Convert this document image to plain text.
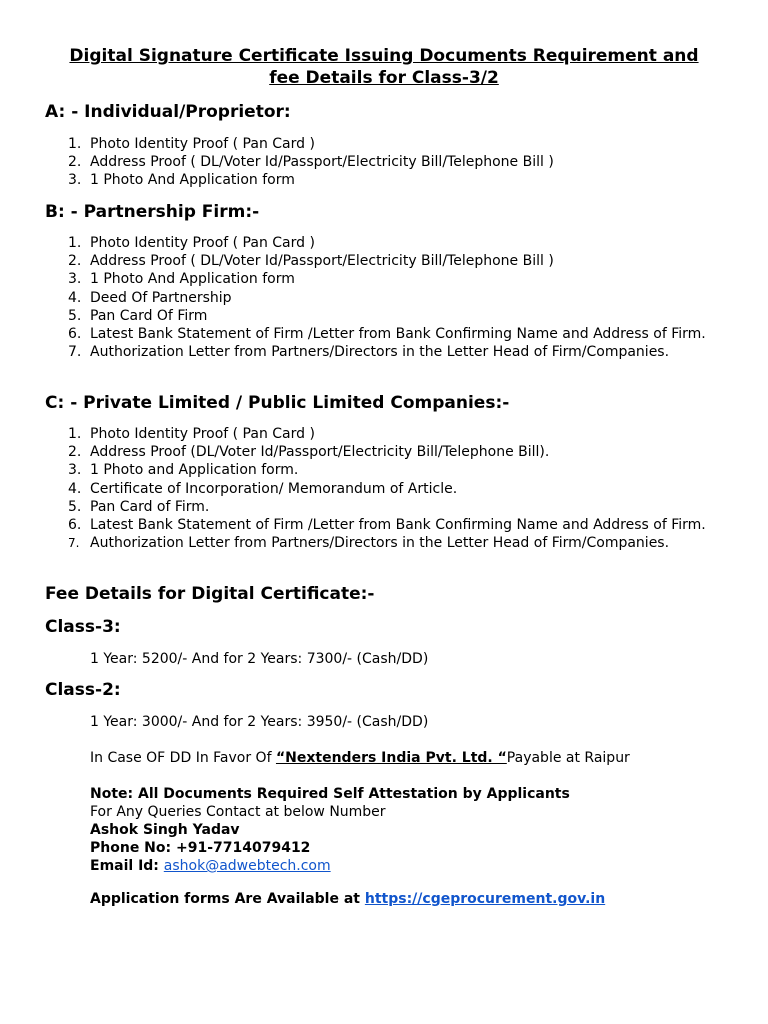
Digital Signature Certificate Issuing Documents Requirement and
fee Details for Class-3/2
A: - Individual/Proprietor:
1. Photo Identity Proof ( Pan Card )
2. Address Proof ( DL/Voter Id/Passport/Electricity Bill/Telephone Bill )
3. 1 Photo And Application form
B: - Partnership Firm:-
1. Photo Identity Proof ( Pan Card )
2. Address Proof ( DL/Voter Id/Passport/Electricity Bill/Telephone Bill )
3. 1 Photo And Application form
4. Deed Of Partnership
5. Pan Card Of Firm
6. Latest Bank Statement of Firm /Letter from Bank Confirming Name and Address of Firm.
7. Authorization Letter from Partners/Directors in the Letter Head of Firm/Companies.
C: - Private Limited / Public Limited Companies:-
1. Photo Identity Proof ( Pan Card )
2. Address Proof (DL/Voter Id/Passport/Electricity Bill/Telephone Bill).
3. 1 Photo and Application form.
4. Certificate of Incorporation/ Memorandum of Article.
5. Pan Card of Firm.
6. Latest Bank Statement of Firm /Letter from Bank Confirming Name and Address of Firm.
7. Authorization Letter from Partners/Directors in the Letter Head of Firm/Companies.
Fee Details for Digital Certificate:-
Class-3:
1 Year: 5200/- And for 2 Years: 7300/- (Cash/DD)
Class-2:
1 Year: 3000/- And for 2 Years: 3950/- (Cash/DD)
In Case OF DD In Favor Of “Nextenders India Pvt. Ltd. “Payable at Raipur
Note: All Documents Required Self Attestation by Applicants
For Any Queries Contact at below Number
Ashok Singh Yadav
Phone No: +91-7714079412
Email Id: ashok@adwebtech.com
Application forms Are Available at https://cgeprocurement.gov.in
